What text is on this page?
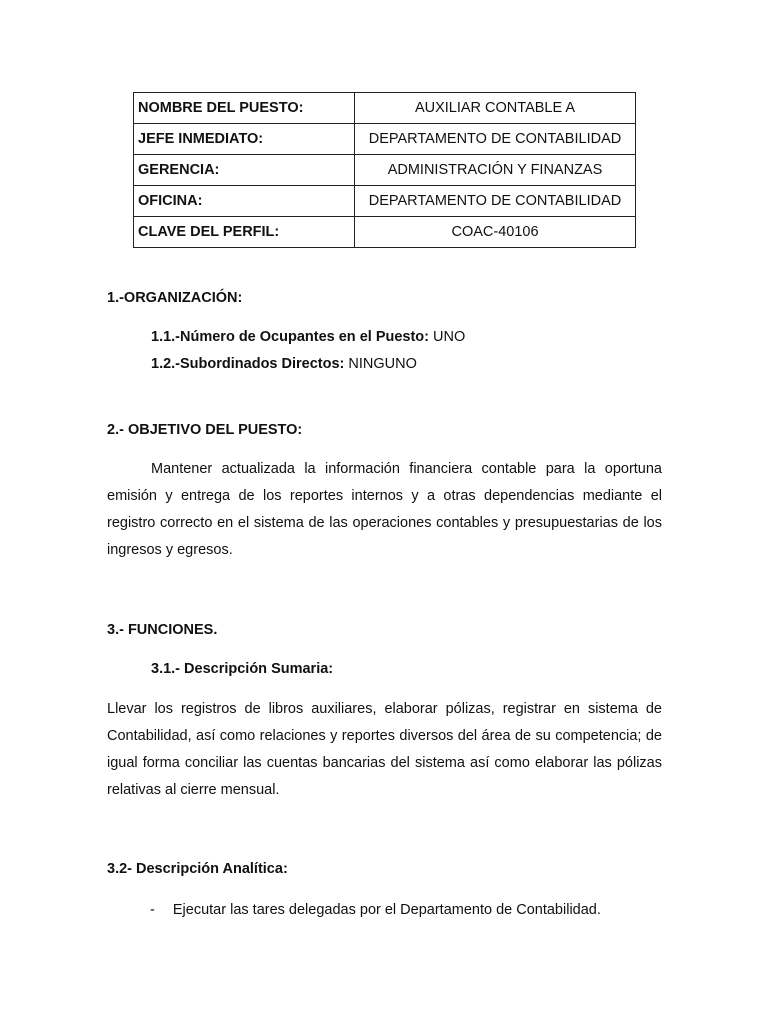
NOMBRE DEL PUESTO:	AUXILIAR CONTABLE A
JEFE INMEDIATO:	DEPARTAMENTO DE CONTABILIDAD
GERENCIA:	ADMINISTRACIÓN Y FINANZAS
OFICINA:	DEPARTAMENTO DE CONTABILIDAD
CLAVE DEL PERFIL:	COAC-40106
1.-ORGANIZACIÓN:
1.1.-Número de Ocupantes en el Puesto: UNO
1.2.-Subordinados Directos: NINGUNO
2.- OBJETIVO DEL PUESTO:

Mantener actualizada la información financiera contable para la oportuna emisión y entrega de los reportes internos y a otras dependencias mediante el registro correcto en el sistema de las operaciones contables y presupuestarias de los ingresos y egresos.

3.- FUNCIONES.
3.1.- Descripción Sumaria:

Llevar los registros de libros auxiliares, elaborar pólizas, registrar en sistema de Contabilidad, así como relaciones y reportes diversos del área de su competencia; de igual forma conciliar las cuentas bancarias del sistema así como elaborar las pólizas relativas al cierre mensual.

3.2- Descripción Analítica:
- Ejecutar las tares delegadas por el Departamento de Contabilidad.
